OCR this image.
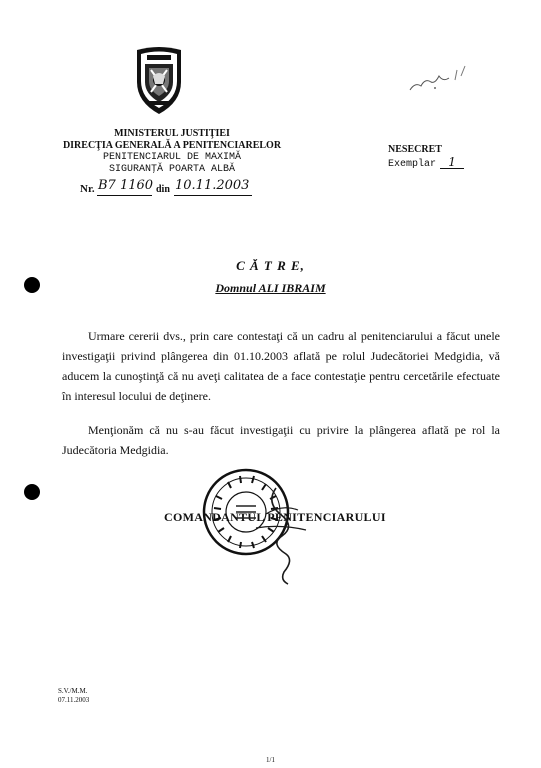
MINISTERUL JUSTIŢIEI
DIRECŢIA GENERALĂ A PENITENCIARELOR
PENITENCIARUL DE MAXIMĂ
SIGURANŢĂ POARTA ALBĂ
Nr. B7 1160 din 10.11.2003
NESECRET
Exemplar 1
C Ă T R E,
Domnul ALI IBRAIM

Urmare cererii dvs., prin care contestaţi că un cadru al penitenciarului a făcut unele investigaţii privind plângerea din 01.10.2003 aflată pe rolul Judecătoriei Medgidia, vă aducem la cunoştinţă că nu aveţi calitatea de a face contestaţie pentru cercetările efectuate în interesul locului de deţinere.

Menţionăm că nu s-au făcut investigaţii cu privire la plângerea aflată pe rol la Judecătoria Medgidia.

COMANDANTUL PENITENCIARULUI
S.V./M.M.
07.11.2003
1/1
